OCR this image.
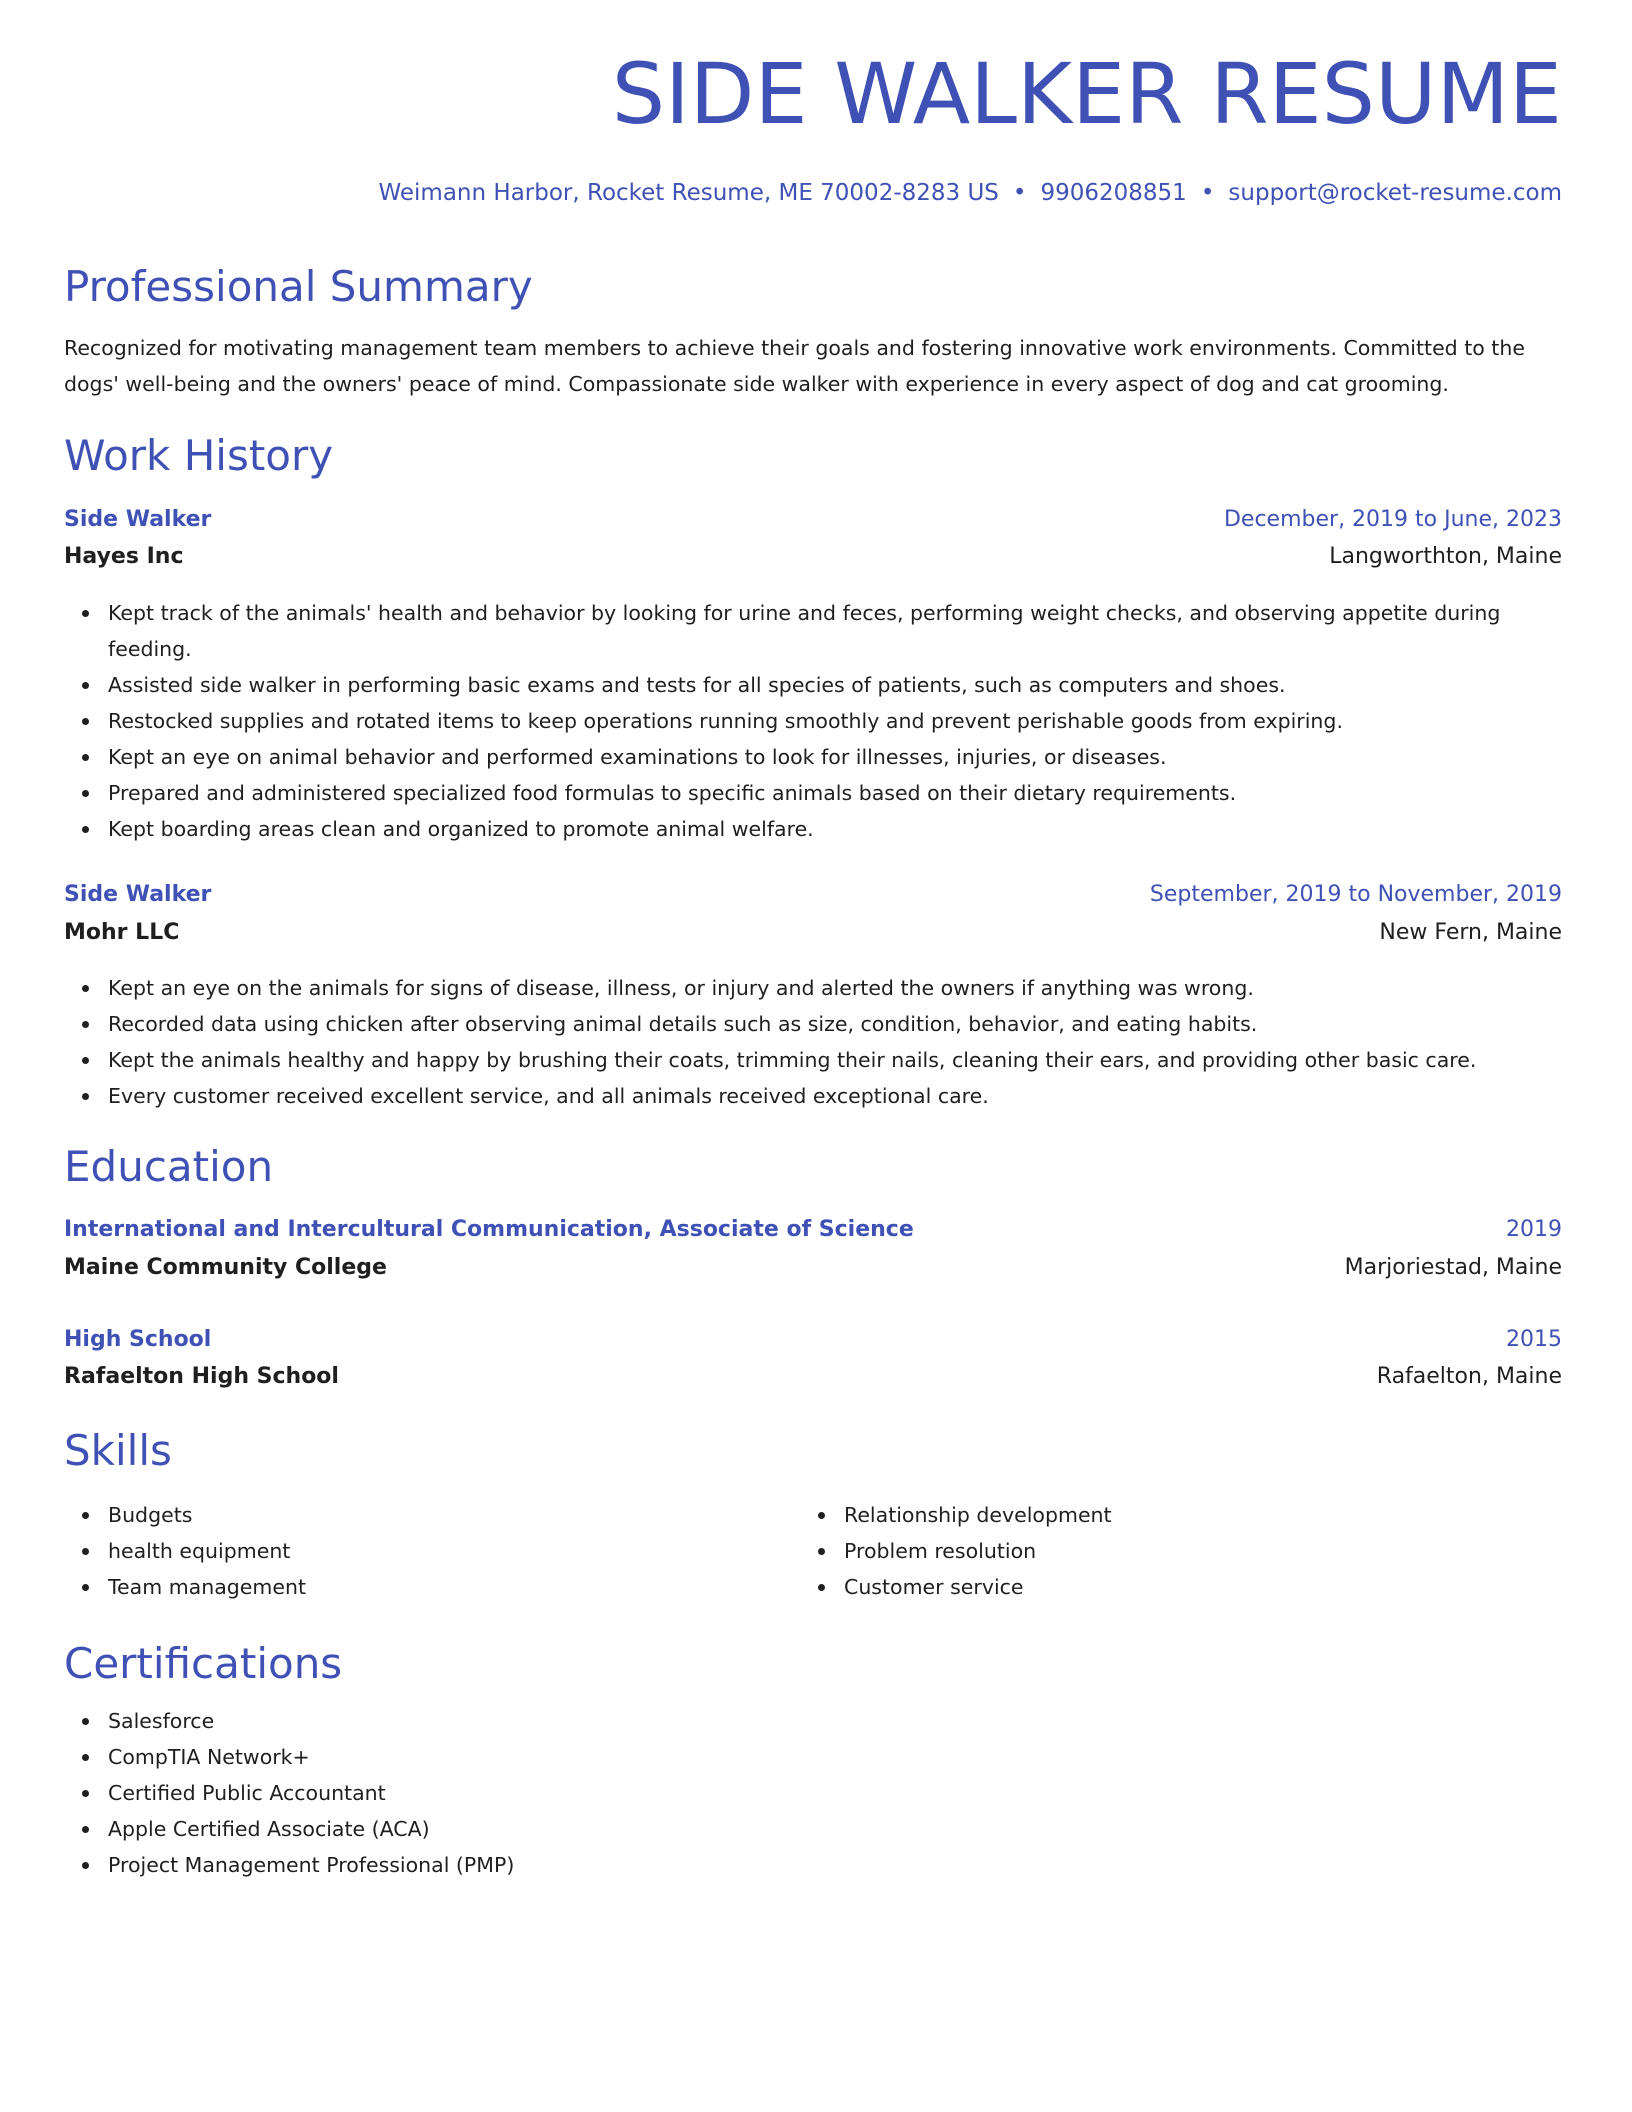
SIDE WALKER RESUME
Weimann Harbor, Rocket Resume, ME 70002-8283 US • 9906208851 • support@rocket-resume.com
Professional Summary

Recognized for motivating management team members to achieve their goals and fostering innovative work environments. Committed to the dogs' well-being and the owners' peace of mind. Compassionate side walker with experience in every aspect of dog and cat grooming.

Work History
Side Walker	December, 2019 to June, 2023
Hayes Inc	Langworthton, Maine
Kept track of the animals' health and behavior by looking for urine and feces, performing weight checks, and observing appetite during feeding.
Assisted side walker in performing basic exams and tests for all species of patients, such as computers and shoes.
Restocked supplies and rotated items to keep operations running smoothly and prevent perishable goods from expiring.
Kept an eye on animal behavior and performed examinations to look for illnesses, injuries, or diseases.
Prepared and administered specialized food formulas to specific animals based on their dietary requirements.
Kept boarding areas clean and organized to promote animal welfare.
Side Walker	September, 2019 to November, 2019
Mohr LLC	New Fern, Maine
Kept an eye on the animals for signs of disease, illness, or injury and alerted the owners if anything was wrong.
Recorded data using chicken after observing animal details such as size, condition, behavior, and eating habits.
Kept the animals healthy and happy by brushing their coats, trimming their nails, cleaning their ears, and providing other basic care.
Every customer received excellent service, and all animals received exceptional care.
Education
International and Intercultural Communication, Associate of Science	2019
Maine Community College	Marjoriestad, Maine
High School	2015
Rafaelton High School	Rafaelton, Maine
Skills
Budgets
health equipment
Team management
Relationship development
Problem resolution
Customer service
Certifications
Salesforce
CompTIA Network+
Certified Public Accountant
Apple Certified Associate (ACA)
Project Management Professional (PMP)
